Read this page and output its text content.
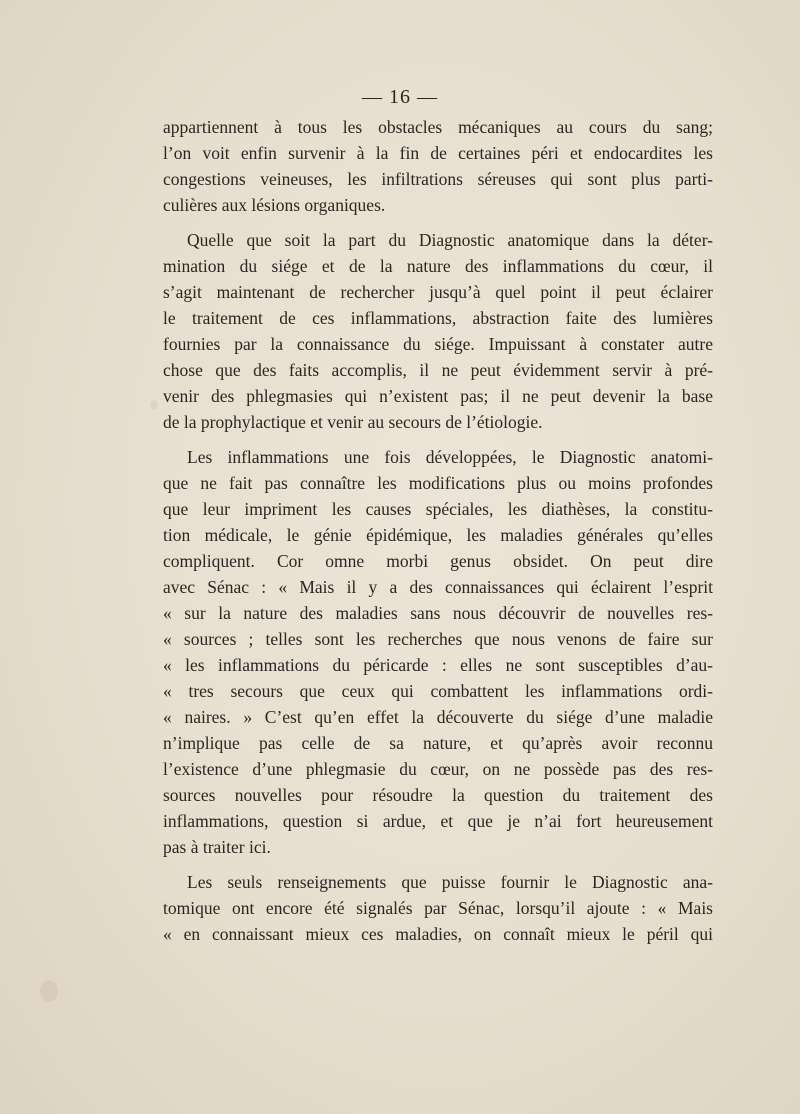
— 16 —
appartiennent à tous les obstacles mécaniques au cours du sang;
l’on voit enfin survenir à la fin de certaines péri et endocardites les
congestions veineuses, les infiltrations séreuses qui sont plus parti-
culières aux lésions organiques.
Quelle que soit la part du Diagnostic anatomique dans la déter-
mination du siége et de la nature des inflammations du cœur, il
s’agit maintenant de rechercher jusqu’à quel point il peut éclairer
le traitement de ces inflammations, abstraction faite des lumières
fournies par la connaissance du siége. Impuissant à constater autre
chose que des faits accomplis, il ne peut évidemment servir à pré-
venir des phlegmasies qui n’existent pas; il ne peut devenir la base
de la prophylactique et venir au secours de l’étiologie.
Les inflammations une fois développées, le Diagnostic anatomi-
que ne fait pas connaître les modifications plus ou moins profondes
que leur impriment les causes spéciales, les diathèses, la constitu-
tion médicale, le génie épidémique, les maladies générales qu’elles
compliquent. Cor omne morbi genus obsidet. On peut dire
avec Sénac : « Mais il y a des connaissances qui éclairent l’esprit
« sur la nature des maladies sans nous découvrir de nouvelles res-
« sources ; telles sont les recherches que nous venons de faire sur
« les inflammations du péricarde : elles ne sont susceptibles d’au-
« tres secours que ceux qui combattent les inflammations ordi-
« naires. » C’est qu’en effet la découverte du siége d’une maladie
n’implique pas celle de sa nature, et qu’après avoir reconnu
l’existence d’une phlegmasie du cœur, on ne possède pas des res-
sources nouvelles pour résoudre la question du traitement des
inflammations, question si ardue, et que je n’ai fort heureusement
pas à traiter ici.
Les seuls renseignements que puisse fournir le Diagnostic ana-
tomique ont encore été signalés par Sénac, lorsqu’il ajoute : « Mais
« en connaissant mieux ces maladies, on connaît mieux le péril qui
